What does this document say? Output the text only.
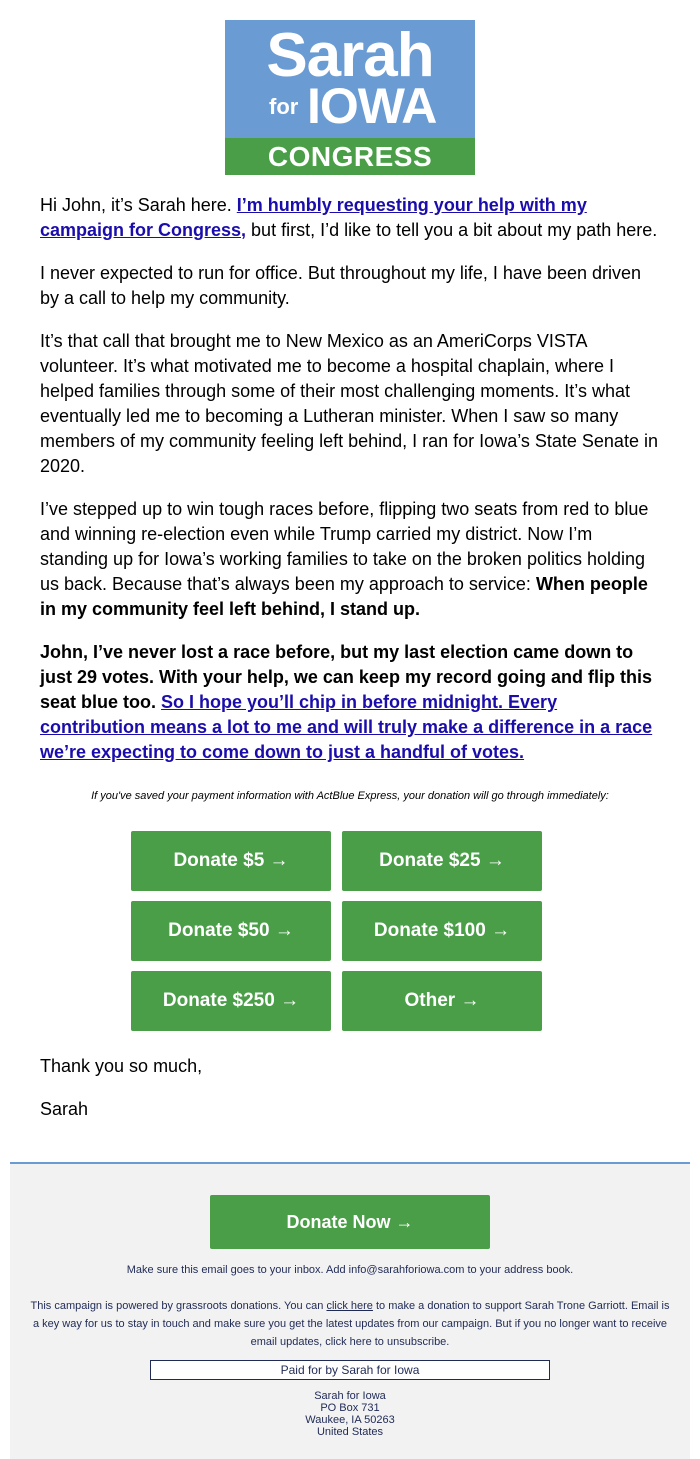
Sarah
for IOWA
CONGRESS

Hi John, it’s Sarah here. I’m humbly requesting your help with my campaign for Congress, but first, I’d like to tell you a bit about my path here.

I never expected to run for office. But throughout my life, I have been driven by a call to help my community.

It’s that call that brought me to New Mexico as an AmeriCorps VISTA volunteer. It’s what motivated me to become a hospital chaplain, where I helped families through some of their most challenging moments. It’s what eventually led me to becoming a Lutheran minister. When I saw so many members of my community feeling left behind, I ran for Iowa’s State Senate in 2020.

I’ve stepped up to win tough races before, flipping two seats from red to blue and winning re-election even while Trump carried my district. Now I’m standing up for Iowa’s working families to take on the broken politics holding us back. Because that’s always been my approach to service: When people in my community feel left behind, I stand up.

John, I’ve never lost a race before, but my last election came down to just 29 votes. With your help, we can keep my record going and flip this seat blue too. So I hope you’ll chip in before midnight. Every contribution means a lot to me and will truly make a difference in a race we’re expecting to come down to just a handful of votes.

If you've saved your payment information with ActBlue Express, your donation will go through immediately:
Donate $5 →	Donate $25 →
Donate $50 →	Donate $100 →
Donate $250 →	Other →

Thank you so much,

Sarah

Donate Now →
Make sure this email goes to your inbox. Add info@sarahforiowa.com to your address book.
This campaign is powered by grassroots donations. You can click here to make a donation to support Sarah Trone Garriott. Email is a key way for us to stay in touch and make sure you get the latest updates from our campaign. But if you no longer want to receive email updates, click here to unsubscribe.
Paid for by Sarah for Iowa
Sarah for Iowa
PO Box 731
Waukee, IA 50263
United States
